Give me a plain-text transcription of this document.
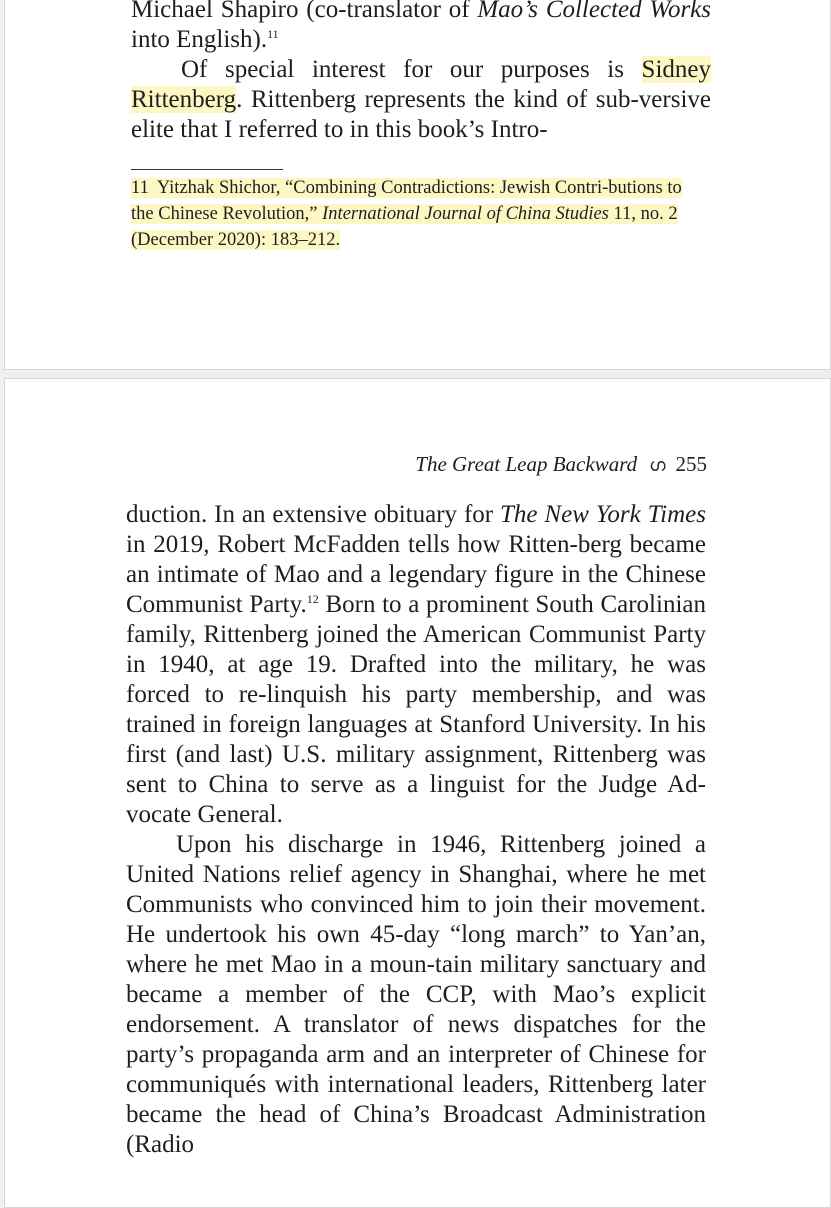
Michael Shapiro (co-translator of Mao’s Collected Works into English).$^{11}$

Of special interest for our purposes is Sidney Rittenberg. Rittenberg represents the kind of sub-versive elite that I referred to in this book’s Intro-

11 Yitzhak Shichor, “Combining Contradictions: Jewish Contri-butions to the Chinese Revolution,” International Journal of China Studies 11, no. 2 (December 2020): 183–212.
The Great Leap Backward ഗ 255

duction. In an extensive obituary for The New York Times in 2019, Robert McFadden tells how Ritten-berg became an intimate of Mao and a legendary figure in the Chinese Communist Party.$^{12}$ Born to a prominent South Carolinian family, Rittenberg joined the American Communist Party in 1940, at age 19. Drafted into the military, he was forced to re-linquish his party membership, and was trained in foreign languages at Stanford University. In his first (and last) U.S. military assignment, Rittenberg was sent to China to serve as a linguist for the Judge Ad-vocate General.

Upon his discharge in 1946, Rittenberg joined a United Nations relief agency in Shanghai, where he met Communists who convinced him to join their movement. He undertook his own 45-day “long march” to Yan’an, where he met Mao in a moun-tain military sanctuary and became a member of the CCP, with Mao’s explicit endorsement. A translator of news dispatches for the party’s propaganda arm and an interpreter of Chinese for communiqués with international leaders, Rittenberg later became the head of China’s Broadcast Administration (Radio
